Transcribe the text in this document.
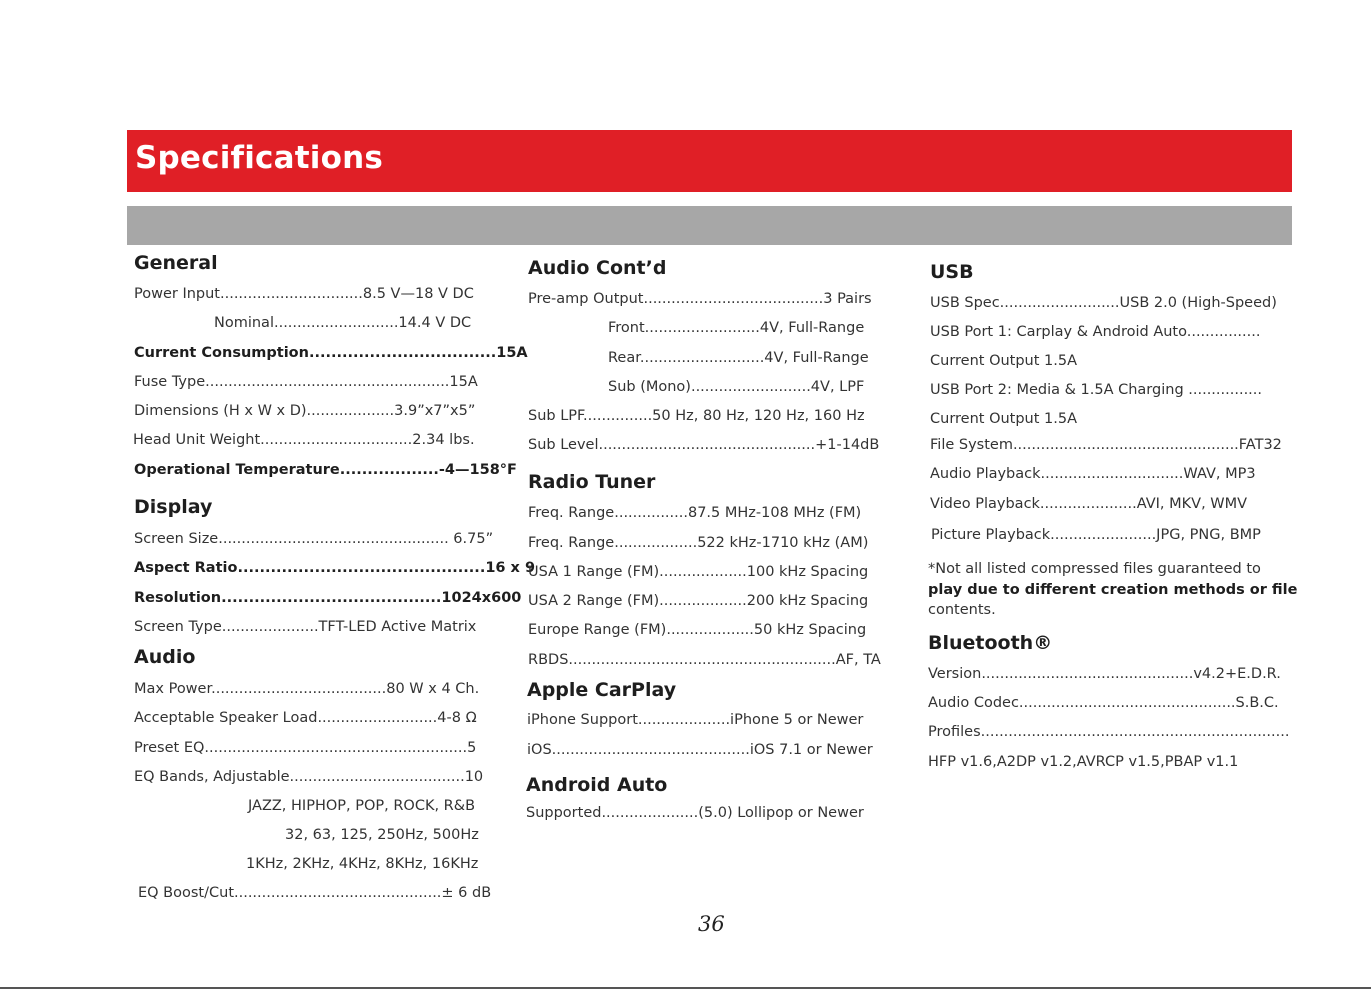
Specifications
General
Power Input...............................8.5 V—18 V DC
Nominal...........................14.4 V DC
Current Consumption..................................15A
Fuse Type.....................................................15A
Dimensions (H x W x D)...................3.9”x7”x5”
Head Unit Weight.................................2.34 lbs.
Operational Temperature..................-4—158°F
Display
Screen Size.................................................. 6.75”
Aspect Ratio.............................................16 x 9
Resolution........................................1024x600
Screen Type.....................TFT-LED Active Matrix
Audio
Max Power......................................80 W x 4 Ch.
Acceptable Speaker Load..........................4-8 Ω
Preset EQ.........................................................5
EQ Bands, Adjustable......................................10
JAZZ, HIPHOP, POP, ROCK, R&B
32, 63, 125, 250Hz, 500Hz
1KHz, 2KHz, 4KHz, 8KHz, 16KHz
EQ Boost/Cut.............................................± 6 dB
Audio Cont’d
Pre-amp Output.......................................3 Pairs
Front.........................4V, Full-Range
Rear...........................4V, Full-Range
Sub (Mono)..........................4V, LPF
Sub LPF...............50 Hz, 80 Hz, 120 Hz, 160 Hz
Sub Level...............................................+1-14dB
Radio Tuner
Freq. Range................87.5 MHz-108 MHz (FM)
Freq. Range..................522 kHz-1710 kHz (AM)
USA 1 Range (FM)...................100 kHz Spacing
USA 2 Range (FM)...................200 kHz Spacing
Europe Range (FM)...................50 kHz Spacing
RBDS..........................................................AF, TA
Apple CarPlay
iPhone Support....................iPhone 5 or Newer
iOS...........................................iOS 7.1 or Newer
Android Auto
Supported.....................(5.0) Lollipop or Newer
USB
USB Spec..........................USB 2.0 (High-Speed)
USB Port 1: Carplay & Android Auto................
Current Output 1.5A
USB Port 2: Media & 1.5A Charging ................
Current Output 1.5A
File System.................................................FAT32
Audio Playback...............................WAV, MP3
Video Playback.....................AVI, MKV, WMV
Picture Playback.......................JPG, PNG, BMP
*Not all listed compressed files guaranteed to
play due to different creation methods or file
contents.
Bluetooth®
Version..............................................v4.2+E.D.R.
Audio Codec...............................................S.B.C.
Profiles...................................................................
HFP v1.6,A2DP v1.2,AVRCP v1.5,PBAP v1.1
36
